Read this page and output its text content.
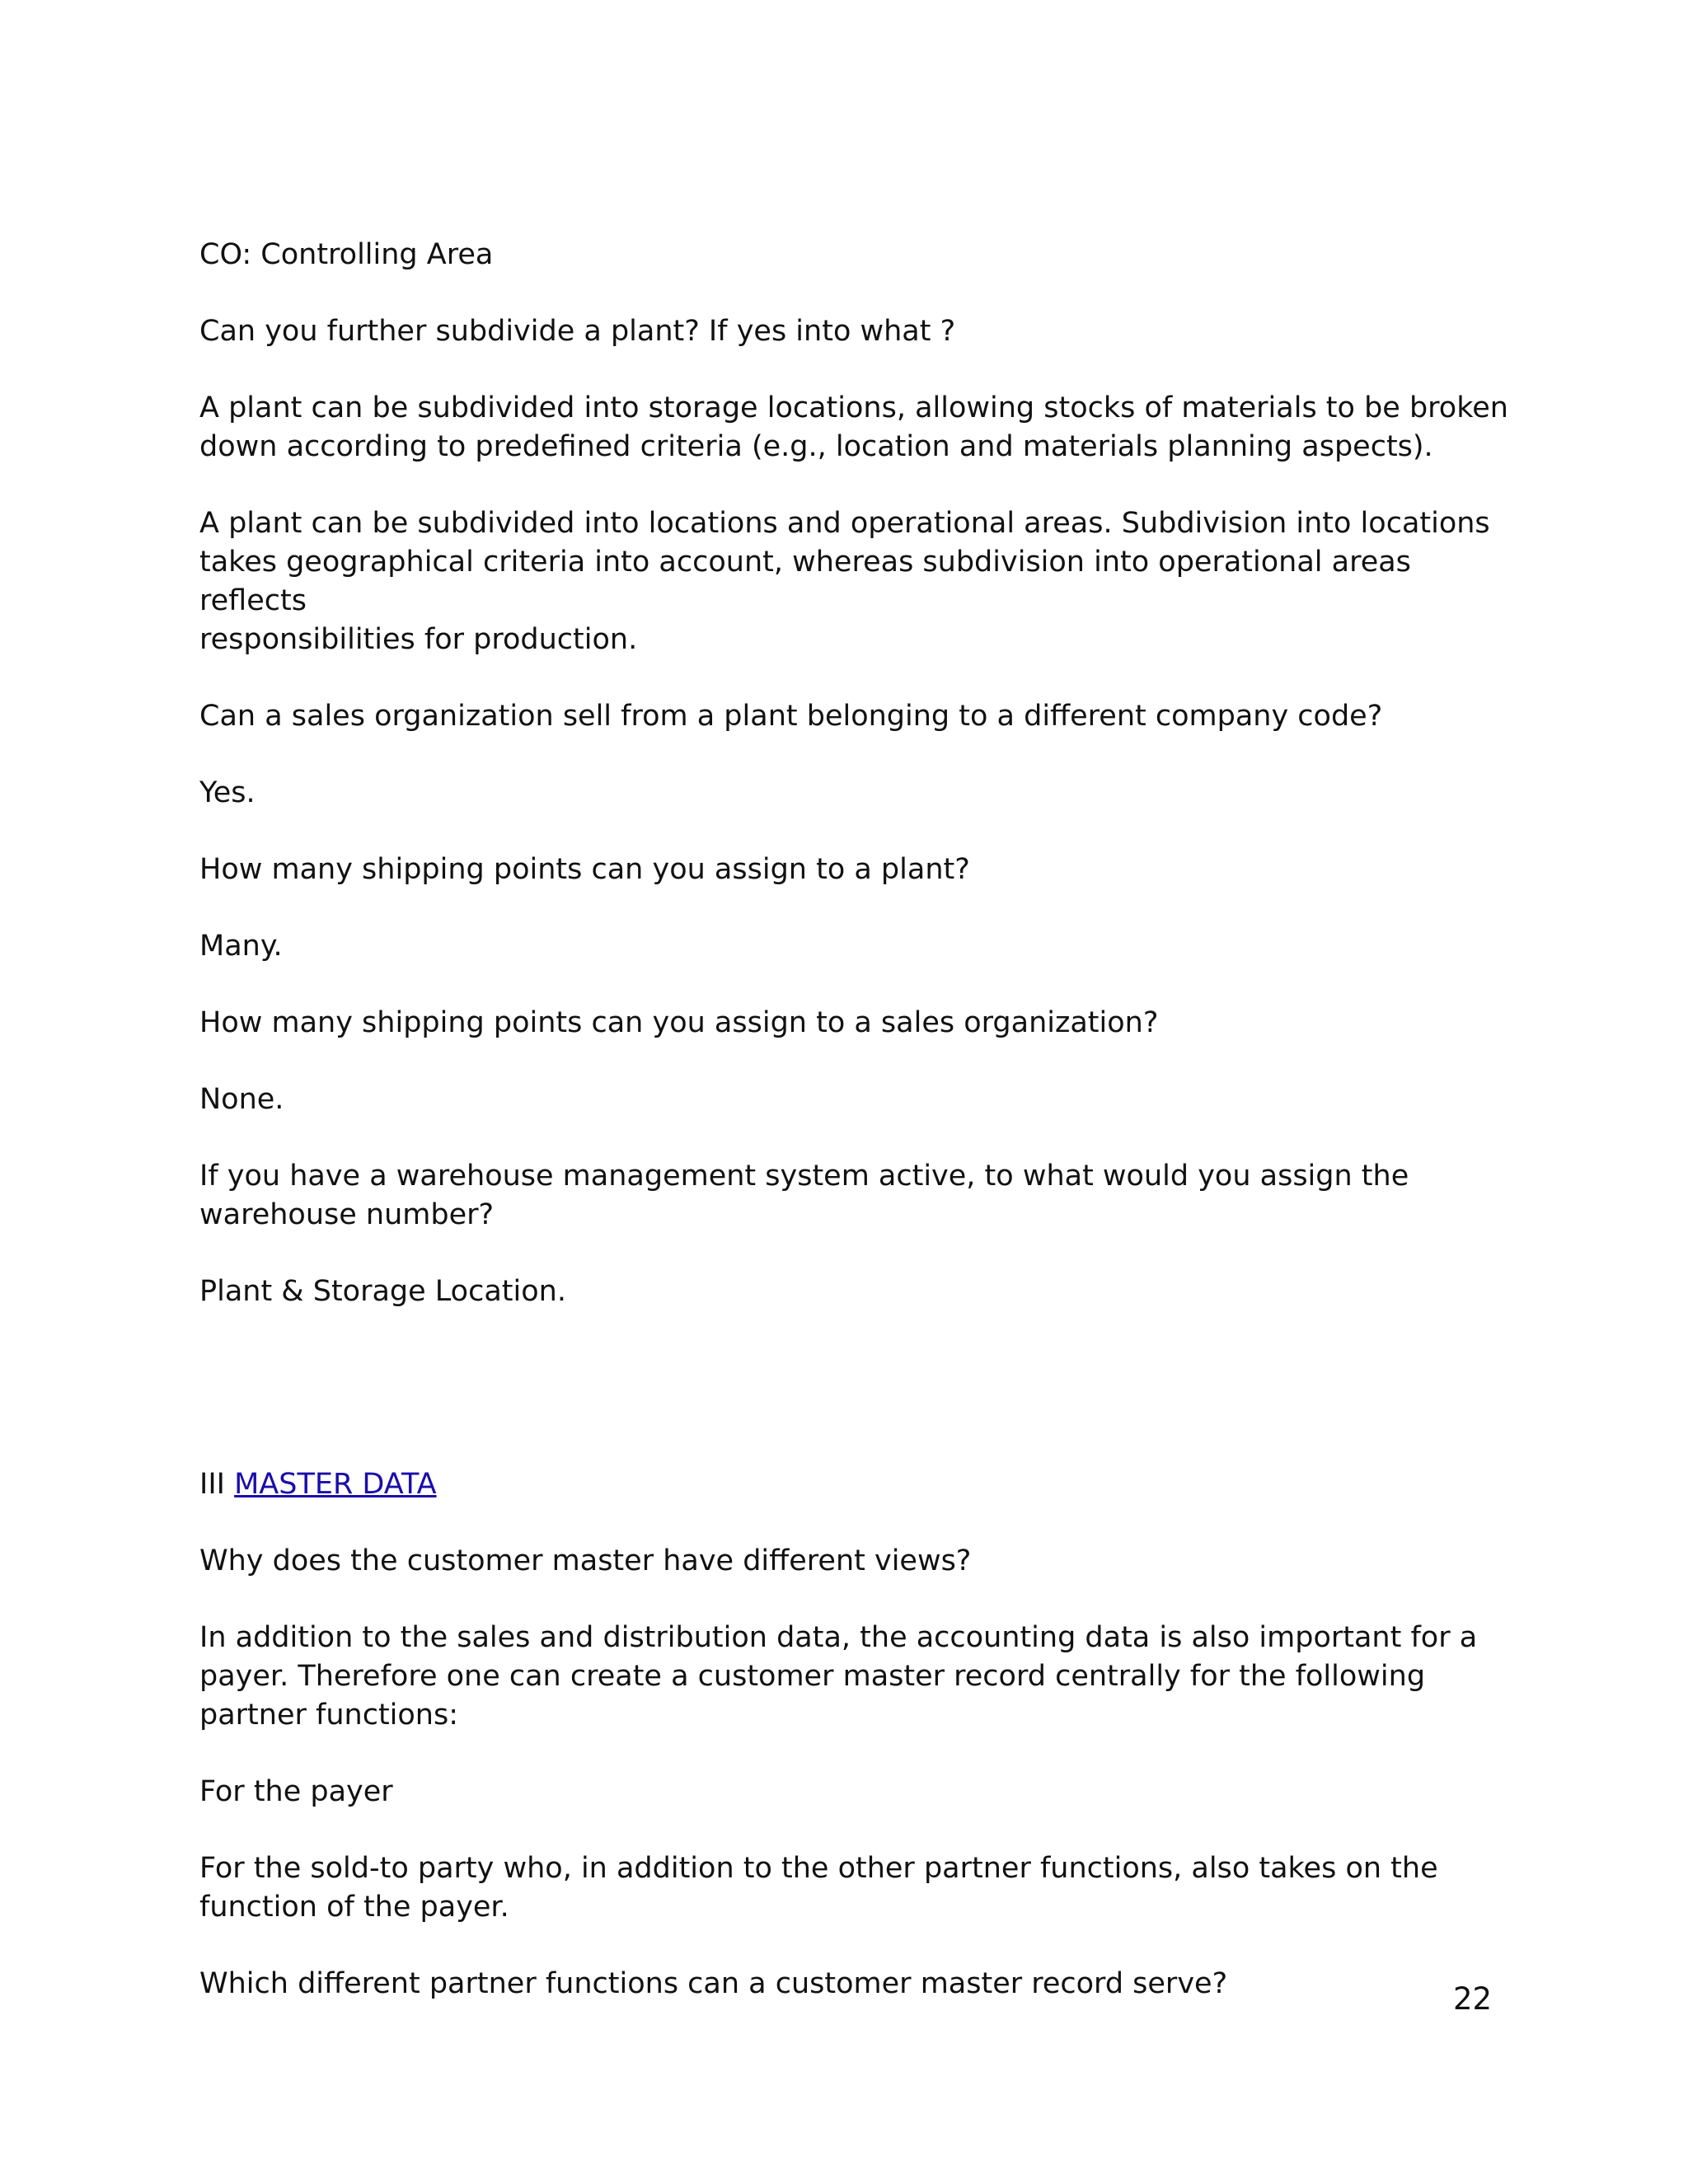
CO: Controlling Area

Can you further subdivide a plant? If yes into what ?

A plant can be subdivided into storage locations, allowing stocks of materials to be broken
down according to predefined criteria (e.g., location and materials planning aspects).

A plant can be subdivided into locations and operational areas. Subdivision into locations
takes geographical criteria into account, whereas subdivision into operational areas reflects
responsibilities for production.

Can a sales organization sell from a plant belonging to a different company code?

Yes.

How many shipping points can you assign to a plant?

Many.

How many shipping points can you assign to a sales organization?

None.

If you have a warehouse management system active, to what would you assign the
warehouse number?

Plant & Storage Location.

III MASTER DATA

Why does the customer master have different views?

In addition to the sales and distribution data, the accounting data is also important for a
payer. Therefore one can create a customer master record centrally for the following
partner functions:

For the payer

For the sold-to party who, in addition to the other partner functions, also takes on the
function of the payer.

Which different partner functions can a customer master record serve?	22
